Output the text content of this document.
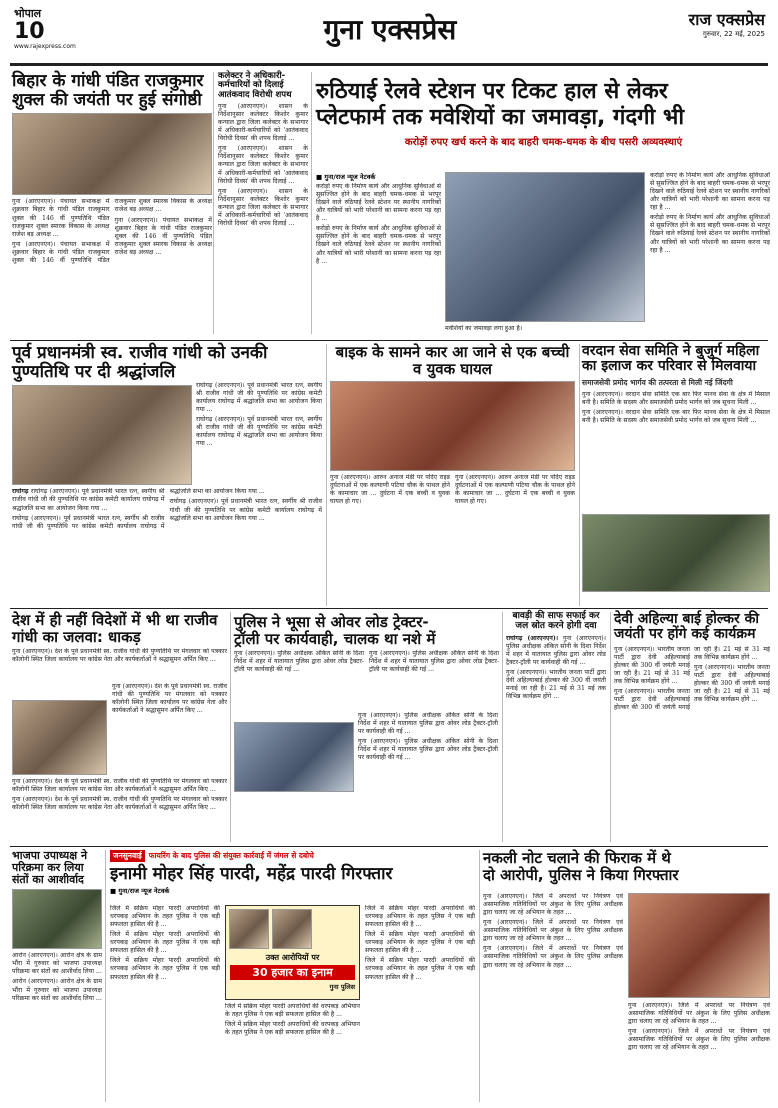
भोपाल
10
www.rajexpress.com
गुना एक्सप्रेस	राज एक्सप्रेस
गुरुवार, 22 मई, 2025
बिहार के गांधी पंडित राजकुमार शुक्ल की जयंती पर हुई संगोष्ठी

गुना (आरएनएन)। पंचायत सभाकक्ष में शुक्रवार बिहार के गांधी पंडित राजकुमार शुक्ल की 146 वीं पुण्यतिथि पंडित राजकुमार शुक्ल स्मारक विकास के अध्यक्ष राजेश बड़ अध्यक्ष ...

गुना (आरएनएन)। पंचायत सभाकक्ष में शुक्रवार बिहार के गांधी पंडित राजकुमार शुक्ल की 146 वीं पुण्यतिथि पंडित राजकुमार शुक्ल स्मारक विकास के अध्यक्ष राजेश बड़ अध्यक्ष ...

गुना (आरएनएन)। पंचायत सभाकक्ष में शुक्रवार बिहार के गांधी पंडित राजकुमार शुक्ल की 146 वीं पुण्यतिथि पंडित राजकुमार शुक्ल स्मारक विकास के अध्यक्ष राजेश बड़ अध्यक्ष ...

कलेक्टर ने अधिकारी-कर्मचारियों को दिलाई आतंकवाद विरोधी शपथ

गुना (आरएनएन)। शासन के निर्देशानुसार कलेक्टर किशोर कुमार कन्याल द्वारा जिला कलेक्टर के सभागार में अधिकारी-कर्मचारियों को 'आतंकवाद विरोधी दिवस' की शपथ दिलाई ...

गुना (आरएनएन)। शासन के निर्देशानुसार कलेक्टर किशोर कुमार कन्याल द्वारा जिला कलेक्टर के सभागार में अधिकारी-कर्मचारियों को 'आतंकवाद विरोधी दिवस' की शपथ दिलाई ...

गुना (आरएनएन)। शासन के निर्देशानुसार कलेक्टर किशोर कुमार कन्याल द्वारा जिला कलेक्टर के सभागार में अधिकारी-कर्मचारियों को 'आतंकवाद विरोधी दिवस' की शपथ दिलाई ...

रुठियाई रेलवे स्टेशन पर टिकट हाल से लेकर
प्लेटफार्म तक मवेशियों का जमावड़ा, गंदगी भी
करोड़ों रुपए खर्च करने के बाद बाहरी चमक-धमक के बीच पसरी अव्यवस्थाएं
■ गुना/राज न्यूज नेटवर्क

करोड़ो रुपए के निर्माण कार्य और आधुनिक सुविधाओं से सुसज्जित होने के बाद बाहरी चमक-धमक से भरपूर दिखने वाले रुठियाई रेलवे स्टेशन पर स्थानीय नागरिकों और यात्रियों को भारी परेशानी का सामना करना पड़ रहा है ...

करोड़ो रुपए के निर्माण कार्य और आधुनिक सुविधाओं से सुसज्जित होने के बाद बाहरी चमक-धमक से भरपूर दिखने वाले रुठियाई रेलवे स्टेशन पर स्थानीय नागरिकों और यात्रियों को भारी परेशानी का सामना करना पड़ रहा है ...

मवेशियों का जमावड़ा लगा हुआ है।

करोड़ो रुपए के निर्माण कार्य और आधुनिक सुविधाओं से सुसज्जित होने के बाद बाहरी चमक-धमक से भरपूर दिखने वाले रुठियाई रेलवे स्टेशन पर स्थानीय नागरिकों और यात्रियों को भारी परेशानी का सामना करना पड़ रहा है ...

करोड़ो रुपए के निर्माण कार्य और आधुनिक सुविधाओं से सुसज्जित होने के बाद बाहरी चमक-धमक से भरपूर दिखने वाले रुठियाई रेलवे स्टेशन पर स्थानीय नागरिकों और यात्रियों को भारी परेशानी का सामना करना पड़ रहा है ...

पूर्व प्रधानमंत्री स्व. राजीव गांधी को उनकी पुण्यतिथि पर दी श्रद्धांजलि

राघोगढ़ राघोगढ़ (आरएनएन)। पूर्व प्रधानमंत्री भारत रत्न, स्वर्गीय श्री राजीव गांधी जी की पुण्यतिथि पर कांग्रेस कमेटी कार्यालय राघोगढ़ में श्रद्धांजलि सभा का आयोजन किया गया ...

राघोगढ़ (आरएनएन)। पूर्व प्रधानमंत्री भारत रत्न, स्वर्गीय श्री राजीव गांधी जी की पुण्यतिथि पर कांग्रेस कमेटी कार्यालय राघोगढ़ में श्रद्धांजलि सभा का आयोजन किया गया ...

राघोगढ़ (आरएनएन)। पूर्व प्रधानमंत्री भारत रत्न, स्वर्गीय श्री राजीव गांधी जी की पुण्यतिथि पर कांग्रेस कमेटी कार्यालय राघोगढ़ में श्रद्धांजलि सभा का आयोजन किया गया ...

राघोगढ़ (आरएनएन)। पूर्व प्रधानमंत्री भारत रत्न, स्वर्गीय श्री राजीव गांधी जी की पुण्यतिथि पर कांग्रेस कमेटी कार्यालय राघोगढ़ में श्रद्धांजलि सभा का आयोजन किया गया ...

राघोगढ़ (आरएनएन)। पूर्व प्रधानमंत्री भारत रत्न, स्वर्गीय श्री राजीव गांधी जी की पुण्यतिथि पर कांग्रेस कमेटी कार्यालय राघोगढ़ में श्रद्धांजलि सभा का आयोजन किया गया ...

बाइक के सामने कार आ जाने से एक बच्ची व युवक घायल

गुना (आरएनएन)। आरुन अनाज मंडी पर पदिए राइड दुर्घटनाओं में एक कल्याणी पटिया चौक के पाथल होने के कामाचार जा ... दुर्घटना में एक बच्ची व युवक घायल हो गए।

गुना (आरएनएन)। आरुन अनाज मंडी पर पदिए राइड दुर्घटनाओं में एक कल्याणी पटिया चौक के पाथल होने के कामाचार जा ... दुर्घटना में एक बच्ची व युवक घायल हो गए।

वरदान सेवा समिति ने बुजुर्ग महिला का इलाज कर परिवार से मिलवाया
समाजसेवी प्रमोद भार्गव की तत्परता से मिली नई जिंदगी

गुना (आरएनएन)। वरदान सेवा समिति एक बार फिर मानव सेवा के क्षेत्र में मिसाल बनी है। समिति के सदस्य और समाजसेवी प्रमोद भार्गव को जब सूचना मिली ...

गुना (आरएनएन)। वरदान सेवा समिति एक बार फिर मानव सेवा के क्षेत्र में मिसाल बनी है। समिति के सदस्य और समाजसेवी प्रमोद भार्गव को जब सूचना मिली ...

देश में ही नहीं विदेशों में भी था राजीव गांधी का जलवा: धाकड़

गुना (आरएनएन)। देश के पूर्व प्रधानमंत्री स्व. राजीव गांधी की पुण्यतिथि पर मंगलवार को पत्रकार कॉलोनी स्थित जिला कार्यालय पर कांग्रेस नेता और कार्यकर्ताओं ने श्रद्धासुमन अर्पित किए ...

गुना (आरएनएन)। देश के पूर्व प्रधानमंत्री स्व. राजीव गांधी की पुण्यतिथि पर मंगलवार को पत्रकार कॉलोनी स्थित जिला कार्यालय पर कांग्रेस नेता और कार्यकर्ताओं ने श्रद्धासुमन अर्पित किए ...

गुना (आरएनएन)। देश के पूर्व प्रधानमंत्री स्व. राजीव गांधी की पुण्यतिथि पर मंगलवार को पत्रकार कॉलोनी स्थित जिला कार्यालय पर कांग्रेस नेता और कार्यकर्ताओं ने श्रद्धासुमन अर्पित किए ...

गुना (आरएनएन)। देश के पूर्व प्रधानमंत्री स्व. राजीव गांधी की पुण्यतिथि पर मंगलवार को पत्रकार कॉलोनी स्थित जिला कार्यालय पर कांग्रेस नेता और कार्यकर्ताओं ने श्रद्धासुमन अर्पित किए ...

पुलिस ने भूसा से ओवर लोड ट्रेक्टर-
ट्रॉली पर कार्यवाही, चालक था नशे में

गुना (आरएनएन)। पुलिस अधीक्षक अंकित सोनी के दिशा निर्देश में शहर में यातायात पुलिस द्वारा ओवर लोड ट्रैक्टर-ट्रॉली पर कार्यवाही की गई ...

गुना (आरएनएन)। पुलिस अधीक्षक अंकित सोनी के दिशा निर्देश में शहर में यातायात पुलिस द्वारा ओवर लोड ट्रैक्टर-ट्रॉली पर कार्यवाही की गई ...

गुना (आरएनएन)। पुलिस अधीक्षक अंकित सोनी के दिशा निर्देश में शहर में यातायात पुलिस द्वारा ओवर लोड ट्रैक्टर-ट्रॉली पर कार्यवाही की गई ...

गुना (आरएनएन)। पुलिस अधीक्षक अंकित सोनी के दिशा निर्देश में शहर में यातायात पुलिस द्वारा ओवर लोड ट्रैक्टर-ट्रॉली पर कार्यवाही की गई ...

बावड़ी की साफ सफाई कर जल स्रोत करने होगी दवा

राघोगढ़ (आरएनएन)। गुना (आरएनएन)। पुलिस अधीक्षक अंकित सोनी के दिशा निर्देश में शहर में यातायात पुलिस द्वारा ओवर लोड ट्रैक्टर-ट्रॉली पर कार्यवाही की गई ...

गुना (आरएनएन)। भारतीय जनता पार्टी द्वारा देवी अहिल्याबाई होल्कर की 300 वीं जयंती मनाई जा रही है। 21 मई से 31 मई तक विभिन्न कार्यक्रम होंगे ...

देवी अहिल्या बाई होल्कर की जयंती पर होंगे कई कार्यक्रम

गुना (आरएनएन)। भारतीय जनता पार्टी द्वारा देवी अहिल्याबाई होल्कर की 300 वीं जयंती मनाई जा रही है। 21 मई से 31 मई तक विभिन्न कार्यक्रम होंगे ...

गुना (आरएनएन)। भारतीय जनता पार्टी द्वारा देवी अहिल्याबाई होल्कर की 300 वीं जयंती मनाई जा रही है। 21 मई से 31 मई तक विभिन्न कार्यक्रम होंगे ...

गुना (आरएनएन)। भारतीय जनता पार्टी द्वारा देवी अहिल्याबाई होल्कर की 300 वीं जयंती मनाई जा रही है। 21 मई से 31 मई तक विभिन्न कार्यक्रम होंगे ...

भाजपा उपाध्यक्ष ने परिक्रमा कर लिया संतों का आशीर्वाद

आरोन (आरएनएन)। आरोन क्षेत्र के ग्राम भौंरा में गुरुवार को भाजपा उपाध्यक्ष परिक्रमा कर संतों का आशीर्वाद लिया ...

आरोन (आरएनएन)। आरोन क्षेत्र के ग्राम भौंरा में गुरुवार को भाजपा उपाध्यक्ष परिक्रमा कर संतों का आशीर्वाद लिया ...

जनसुनवाई फायरिंग के बाद पुलिस की संयुक्त कार्रवाई में जंगल से दबोचे
इनामी मोहर सिंह पारदी, महेंद्र पारदी गिरफ्तार
■ गुना/राज न्यूज नेटवर्क

जिले में सक्रिय मोहर पारदी अपराधियों की धरपकड़ अभियान के तहत पुलिस ने एक बड़ी सफलता हासिल की है ...

जिले में सक्रिय मोहर पारदी अपराधियों की धरपकड़ अभियान के तहत पुलिस ने एक बड़ी सफलता हासिल की है ...

जिले में सक्रिय मोहर पारदी अपराधियों की धरपकड़ अभियान के तहत पुलिस ने एक बड़ी सफलता हासिल की है ...

उक्त आरोपियों पर
30 हजार का इनाम
गुना पुलिस

जिले में सक्रिय मोहर पारदी अपराधियों की धरपकड़ अभियान के तहत पुलिस ने एक बड़ी सफलता हासिल की है ...

जिले में सक्रिय मोहर पारदी अपराधियों की धरपकड़ अभियान के तहत पुलिस ने एक बड़ी सफलता हासिल की है ...

जिले में सक्रिय मोहर पारदी अपराधियों की धरपकड़ अभियान के तहत पुलिस ने एक बड़ी सफलता हासिल की है ...

जिले में सक्रिय मोहर पारदी अपराधियों की धरपकड़ अभियान के तहत पुलिस ने एक बड़ी सफलता हासिल की है ...

जिले में सक्रिय मोहर पारदी अपराधियों की धरपकड़ अभियान के तहत पुलिस ने एक बड़ी सफलता हासिल की है ...

नकली नोट चलाने की फिराक में थे
दो आरोपी, पुलिस ने किया गिरफ्तार

गुना (आरएनएन)। जिले में अपराधों पर नियंत्रण एवं असामाजिक गतिविधियों पर अंकुश के लिए पुलिस अधीक्षक द्वारा चलाए जा रहे अभियान के तहत ...

गुना (आरएनएन)। जिले में अपराधों पर नियंत्रण एवं असामाजिक गतिविधियों पर अंकुश के लिए पुलिस अधीक्षक द्वारा चलाए जा रहे अभियान के तहत ...

गुना (आरएनएन)। जिले में अपराधों पर नियंत्रण एवं असामाजिक गतिविधियों पर अंकुश के लिए पुलिस अधीक्षक द्वारा चलाए जा रहे अभियान के तहत ...

गुना (आरएनएन)। जिले में अपराधों पर नियंत्रण एवं असामाजिक गतिविधियों पर अंकुश के लिए पुलिस अधीक्षक द्वारा चलाए जा रहे अभियान के तहत ...

गुना (आरएनएन)। जिले में अपराधों पर नियंत्रण एवं असामाजिक गतिविधियों पर अंकुश के लिए पुलिस अधीक्षक द्वारा चलाए जा रहे अभियान के तहत ...
